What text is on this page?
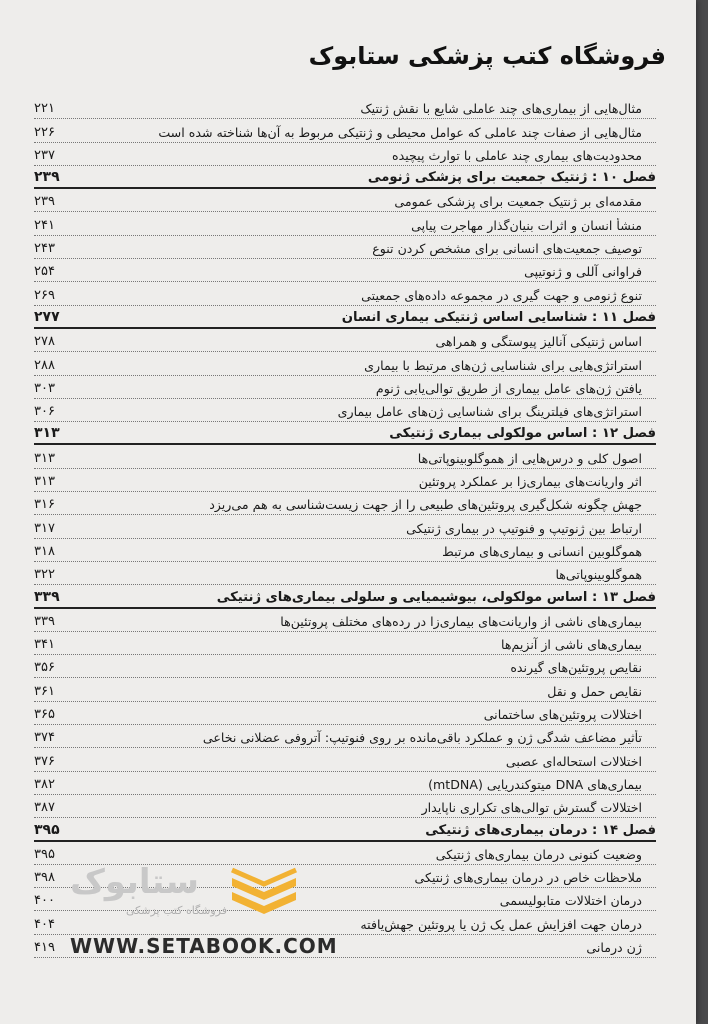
فروشگاه کتب پزشکی ستابوک
مثال‌هایی از بیماری‌های چند عاملی شایع با نقش ژنتیک
۲۲۱
مثال‌هایی از صفات چند عاملی که عوامل محیطی و ژنتیکی مربوط به آن‌ها شناخته شده است
۲۲۶
محدودیت‌های بیماری چند عاملی با توارث پیچیده
۲۳۷
فصل ۱۰ : ژنتیک جمعیت برای پزشکی ژنومی
۲۳۹
مقدمه‌ای بر ژنتیک جمعیت برای پزشکی عمومی
۲۳۹
منشأ انسان و اثرات بنیان‌گذار مهاجرت پیاپی
۲۴۱
توصیف جمعیت‌های انسانی برای مشخص کردن تنوع
۲۴۳
فراوانی آللی و ژنوتیپی
۲۵۴
تنوع ژنومی و جهت گیری در مجموعه داده‌های جمعیتی
۲۶۹
فصل ۱۱ : شناسایی اساس ژنتیکی بیماری انسان
۲۷۷
اساس ژنتیکی آنالیز پیوستگی و همراهی
۲۷۸
استراتژی‌هایی برای شناسایی ژن‌های مرتبط با بیماری
۲۸۸
یافتن ژن‌های عامل بیماری از طریق توالی‌یابی ژنوم
۳۰۳
استراتژی‌های فیلترینگ برای شناسایی ژن‌های عامل بیماری
۳۰۶
فصل ۱۲ : اساس مولکولی بیماری ژنتیکی
۳۱۳
اصول کلی و درس‌هایی از هموگلوبینوپاتی‌ها
۳۱۳
اثر واریانت‌های بیماری‌زا بر عملکرد پروتئین
۳۱۳
جهش چگونه شکل‌گیری پروتئین‌های طبیعی را از جهت زیست‌شناسی به هم می‌ریزد
۳۱۶
ارتباط بین ژنوتیپ و فنوتیپ در بیماری ژنتیکی
۳۱۷
هموگلوبین انسانی و بیماری‌های مرتبط
۳۱۸
هموگلوبینوپاتی‌ها
۳۲۲
فصل ۱۳ : اساس مولکولی، بیوشیمیایی و سلولی بیماری‌های ژنتیکی
۳۳۹
بیماری‌های ناشی از واریانت‌های بیماری‌زا در رده‌های مختلف پروتئین‌ها
۳۳۹
بیماری‌های ناشی از آنزیم‌ها
۳۴۱
نقایص پروتئین‌های گیرنده
۳۵۶
نقایص حمل و نقل
۳۶۱
اختلالات پروتئین‌های ساختمانی
۳۶۵
تأثیر مضاعف شدگی ژن و عملکرد باقی‌مانده بر روی فنوتیپ: آتروفی عضلانی نخاعی
۳۷۴
اختلالات استحاله‌ای عصبی
۳۷۶
بیماری‌های DNA میتوکندریایی (mtDNA)
۳۸۲
اختلالات گسترش توالی‌های تکراری ناپایدار
۳۸۷
فصل ۱۴ : درمان بیماری‌های ژنتیکی
۳۹۵
وضعیت کنونی درمان بیماری‌های ژنتیکی
۳۹۵
ملاحظات خاص در درمان بیماری‌های ژنتیکی
۳۹۸
درمان اختلالات متابولیسمی
۴۰۰
درمان جهت افزایش عمل یک ژن یا پروتئین جهش‌یافته
۴۰۴
ژن درمانی
۴۱۹
ستابوک
فروشگاه کتب پزشکی
WWW.SETABOOK.COM
